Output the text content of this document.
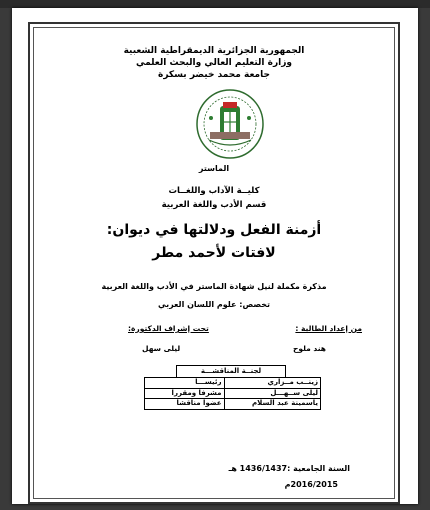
الجمهورية الجزائرية الديمقراطية الشعبية
وزارة التعليم العالي والبحث العلمي
جامعة محمد خيضر بسكرة
الماستر
كليــة الآداب واللغــات
قسم الأدب واللغة العربية
أزمنة الفعل ودلالتها في ديوان:
لافتات لأحمد مطر
مذكرة مكملة لنيل شهادة الماستر في الأدب واللغة العربية
تخصص: علوم اللسان العربي
من إعداد الطالبة :
تحت إشراف الدكتورة:
هند ملوح
ليلى سهل
لجنــة المناقشـــة
زينــب مــزاري	رئيســـا
ليلى ســهـــل	مشرفا ومقررا
ياسمينة عبد السلام	عضوا مناقشا
السنة الجامعية :1436/1437 هـ
2016/2015م
